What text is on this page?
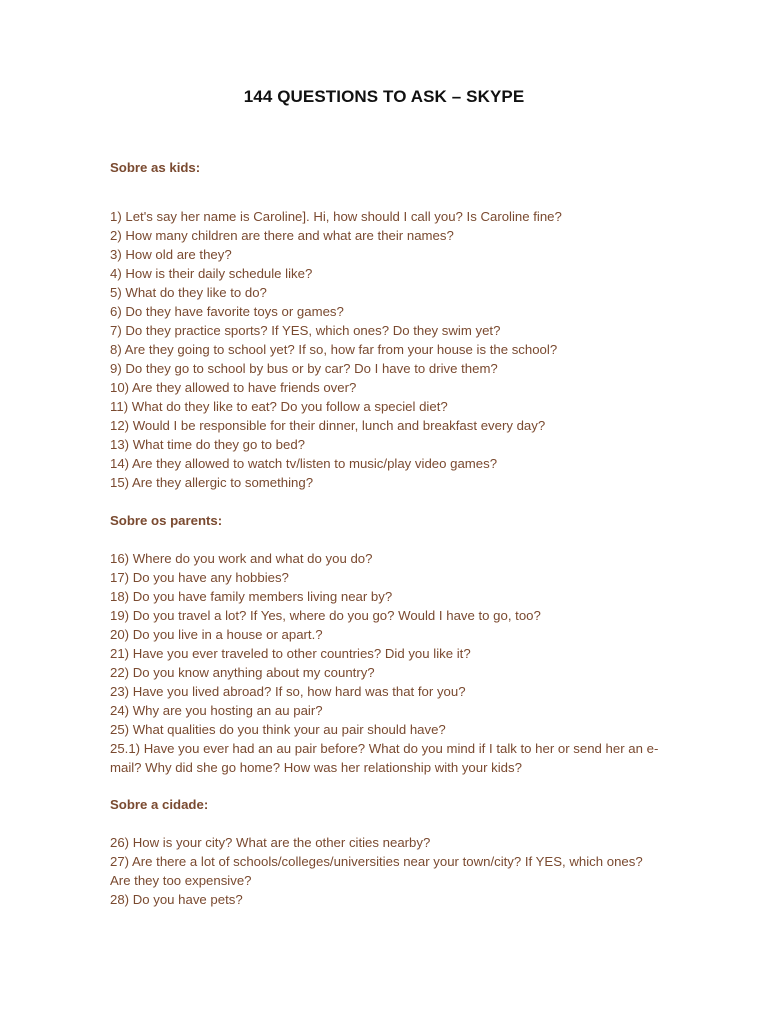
144 QUESTIONS TO ASK – SKYPE
Sobre as kids:
1) Let's say her name is Caroline]. Hi, how should I call you? Is Caroline fine?
2) How many children are there and what are their names?
3) How old are they?
4) How is their daily schedule like?
5) What do they like to do?
6) Do they have favorite toys or games?
7) Do they practice sports? If YES, which ones? Do they swim yet?
8) Are they going to school yet? If so, how far from your house is the school?
9) Do they go to school by bus or by car? Do I have to drive them?
10) Are they allowed to have friends over?
11) What do they like to eat? Do you follow a speciel diet?
12) Would I be responsible for their dinner, lunch and breakfast every day?
13) What time do they go to bed?
14) Are they allowed to watch tv/listen to music/play video games?
15) Are they allergic to something?
Sobre os parents:
16) Where do you work and what do you do?
17) Do you have any hobbies?
18) Do you have family members living near by?
19) Do you travel a lot? If Yes, where do you go? Would I have to go, too?
20) Do you live in a house or apart.?
21) Have you ever traveled to other countries? Did you like it?
22) Do you know anything about my country?
23) Have you lived abroad? If so, how hard was that for you?
24) Why are you hosting an au pair?
25) What qualities do you think your au pair should have?
25.1) Have you ever had an au pair before? What do you mind if I talk to her or send her an e-mail? Why did she go home? How was her relationship with your kids?
Sobre a cidade:
26) How is your city? What are the other cities nearby?
27) Are there a lot of schools/colleges/universities near your town/city? If YES, which ones?
Are they too expensive?
28) Do you have pets?
